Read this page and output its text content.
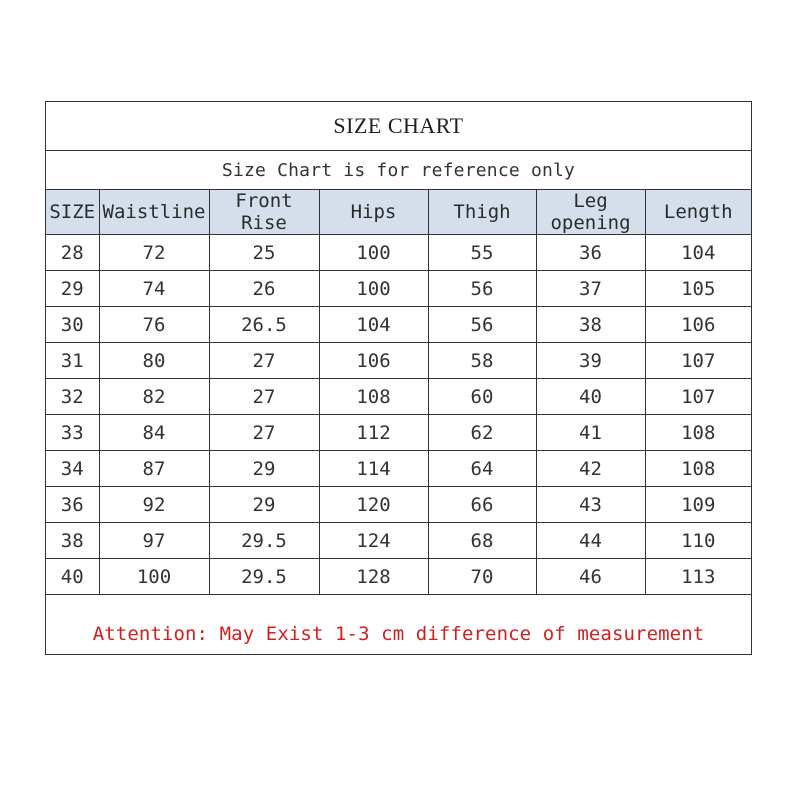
SIZE CHART
Size Chart is for reference only
SIZE	Waistline	Front Rise	Hips	Thigh	Leg opening	Length
28	72	25	100	55	36	104
29	74	26	100	56	37	105
30	76	26.5	104	56	38	106
31	80	27	106	58	39	107
32	82	27	108	60	40	107
33	84	27	112	62	41	108
34	87	29	114	64	42	108
36	92	29	120	66	43	109
38	97	29.5	124	68	44	110
40	100	29.5	128	70	46	113
Attention: May Exist 1-3 cm difference of measurement
